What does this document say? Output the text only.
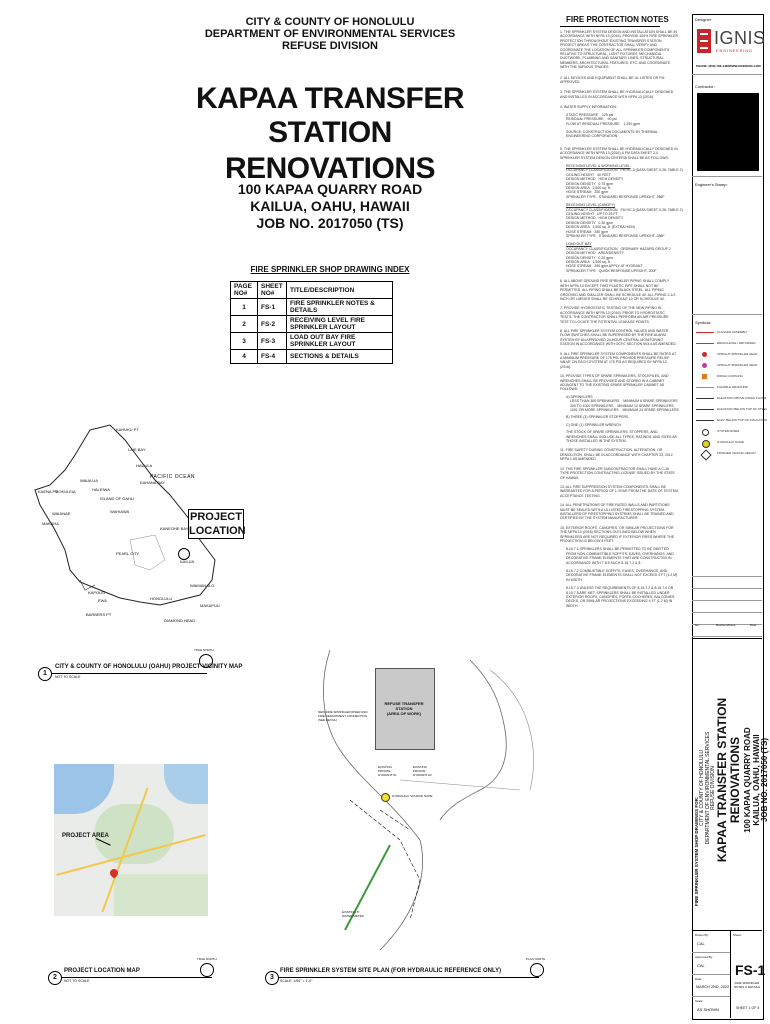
CITY & COUNTY OF HONOLULU
DEPARTMENT OF ENVIRONMENTAL SERVICES
REFUSE DIVISION
KAPAA TRANSFER STATION
RENOVATIONS
100 KAPAA QUARRY ROAD
KAILUA, OAHU, HAWAII
JOB NO. 2017050 (TS)
FIRE SPRINKLER SHOP DRAWING INDEX
PAGE NO#	SHEET NO#	TITLE/DESCRIPTION
1	FS-1	FIRE SPRINKLER NOTES & DETAILS
2	FS-2	RECEIVING LEVEL FIRE SPRINKLER LAYOUT
3	FS-3	LOAD OUT BAY FIRE SPRINKLER LAYOUT
4	FS-4	SECTIONS & DETAILS
PACIFIC OCEAN
KAHUKU PT
LAIE BAY
HAUULA
KAENA PT
MOKULEIA	HALEIWA
WAIALUA
ISLAND OF OAHU
WAHIAWA
KAHANA BAY
WAIANAE
MAKAHA
KANEOHE BAY
WAIMANALO
PEARL CITY
KAPOLEI
EWA	HONOLULU
KAILUA
BARBERS PT
DIAMOND HEAD
MAKAPUU
PROJECT
LOCATION
1
CITY & COUNTY OF HONOLULU (OAHU) PROJECT VICINITY MAP
NOT TO SCALE
TRUE NORTH
PROJECT AREA
2
PROJECT LOCATION MAP
NOT TO SCALE
TRUE NORTH
REFUSE TRANSFER STATION
(AREA OF WORK)
NEW FIRE SPRINKLER RISER AND FIRE DEPARTMENT CONNECTION (SEE DETAIL)
EXISTING PRIVATE HYDRANT #1
EXISTING PRIVATE HYDRANT #2
HYDRAULIC SOURCE NODE
EXISTING 6" WATER METER
3
FIRE SPRINKLER SYSTEM SITE PLAN (FOR HYDRAULIC REFERENCE ONLY)
SCALE: 1/64" = 1'-0"
PLAN NORTH
FIRE PROTECTION NOTES
1. THE SPRINKLER SYSTEM DESIGN AND INSTALLATION SHALL BE IN ACCORDANCE WITH NFPA 13 (2016). PROVIDE 100% FIRE SPRINKLER PROTECTION THROUGHOUT EXISTING TRANSFER STATION PROJECT AREAS. THE CONTRACTOR SHALL VERIFY AND COORDINATE THE LOCATION OF ALL SPRINKLER COMPONENTS RELATIVE TO STRUCTURAL, LIGHT FIXTURES, MECHANICAL DUCTWORK, PLUMBING AND SANITARY LINES, STRUCTURAL MEMBERS, ARCHITECTURAL FEATURES, ETC. AND COORDINATE WITH THE VARIOUS TRADES.
2. ALL DEVICES AND EQUIPMENT SHALL BE UL LISTED OR FM APPROVED.
3. THE SPRINKLER SYSTEM SHALL BE HYDRAULICALLY DESIGNED AND INSTALLED IN ACCORDANCE WITH NFPA 13 (2016).
4. WATER SUPPLY INFORMATION:
STATIC PRESSURE    125 psi
RESIDUAL PRESSURE    90 psi
FLOW AT RESIDUAL PRESSURE    1,250 gpm
SOURCE: CONSTRUCTION DOCUMENTS BY THERMAL ENGINEERING CORPORATION
5. THE SPRINKLER SYSTEM SHALL BE HYDRAULICALLY DESIGNED IN ACCORDANCE WITH NFPA 13 (2016) & FM DATA SHEET 2-0. SPRINKLER SYSTEM DESIGN CRITERIA SHALL BE AS FOLLOWS:
RECEIVING LEVEL & WORKING LEVEL
OCCUPANCY CLASSIFICATION   FM HC-3 (DATA SHEET 3-26, TABLE 2)
CEILING HEIGHT   40 FEET
DESIGN METHOD   HIGH DENSITY
DESIGN DENSITY   0.70 gpm
DESIGN AREA   2,500 sq. ft.
HOSE STREAM   250 gpm
SPRINKLER TYPE   STANDARD RESPONSE UPRIGHT, 286F
RECEIVING LEVEL (CANOPY)
OCCUPANCY CLASSIFICATION   FM HC-3 (DATA SHEET 3-26, TABLE 2)
CEILING HEIGHT   UP TO 25 FT
DESIGN METHOD   HIGH DENSITY
DESIGN DENSITY   0.30 gpm
DESIGN AREA   2,500 sq. ft. (EXTRA HIGH)
HOSE STREAM   250 gpm
SPRINKLER TYPE   STANDARD RESPONSE UPRIGHT, 286F
LOAD OUT BAY
OCCUPANCY CLASSIFICATION   ORDINARY HAZARD GROUP 2
DESIGN METHOD   AREA/DENSITY
DESIGN DENSITY   0.20 gpm
DESIGN AREA   1,500 sq. ft.
HOSE STREAM   250 gpm APPLY AT HYDRANT
SPRINKLER TYPE   QUICK RESPONSE UPRIGHT, 200F
6. ALL ABOVE GROUND FIRE SPRINKLER PIPING SHALL COMPLY WITH NFPA 13 EXCEPT THAT PLASTIC PIPE SHALL NOT BE PERMITTED. ALL PIPING SHALL BE BLACK STEEL. ALL PIPING GROOVED AND SMALLER SHALL BE SCHEDULE 40. ALL PIPING 2-1/2 INCH OR LARGER SHALL BE SCHEDULE 10 OR SCHEDULE 40.
7. PROVIDE HYDROSTATIC TESTING OF THE NEW PIPING IN ACCORDANCE WITH NFPA 13 (2016). PRIOR TO HYDROSTATIC TESTS, THE CONTRACTOR SHALL PERFORM AN AIR PRESSURE TEST TO LOCATE THE POTENTIAL LEAKAGE POINTS.
8. ALL FIRE SPRINKLER SYSTEM CONTROL VALVES AND WATER FLOW SWITCHES SHALL BE SUPERVISED BY THE FIRE ALARM SYSTEM BY AN APPROVED 24-HOUR CENTRAL MONITORING STATION IN ACCORDANCE WITH OCFC SECTION 903.4 AS AMENDED.
9. ALL FIRE SPRINKLER SYSTEM COMPONENTS SHALL BE RATED AT A MINIMUM PRESSURE OF 175 PSI. PROVIDE PRESSURE RELIEF VALVE ON EACH SYSTEM AT 175 PSI AS REQUIRED BY NFPA 13 (2016).
10. PROVIDE TYPES OF SPARE SPRINKLERS, STOCKPILES, AND WRENCHES SHALL BE PROVIDED AND STORED IN A CABINET ADJACENT TO THE EXISTING SPARE SPRINKLER CABINET AS FOLLOWS:
A) SPRINKLERS
LESS THAN 300 SPRINKLERS    MINIMUM 6 SPARE SPRINKLERS
300 TO 1000 SPRINKLERS    MINIMUM 12 SPARE SPRINKLERS
1001 OR MORE SPRINKLERS    MINIMUM 24 SPARE SPRINKLERS
B) THREE (3) SPRINKLER STOPPERS
C) ONE (1) SPRINKLER WRENCH
THE STOCK OF SPARE SPRINKLERS, STOPPERS, AND WRENCHES SHALL INCLUDE ALL TYPES, RATINGS, AND SIZES AS THOSE INSTALLED IN THE SYSTEM.
11. FIRE SAFETY DURING CONSTRUCTION, ALTERATION, OR DEMOLITION, SHALL BE IN ACCORDANCE WITH CHAPTER 33, 2012 NFPA 1 AS AMENDED.
12. THE FIRE SPRINKLER SUBCONTRACTOR SHALL HAVE A C-16 TYPE PROTECTION CONTRACTING LICENSE ISSUED BY THE STATE OF HAWAII.
13. ALL FIRE SUPPRESSION SYSTEM COMPONENTS SHALL BE WARRANTED FOR A PERIOD OF 1-YEAR FROM THE DATE OF SYSTEM ACCEPTANCE TESTING.
14. ALL PENETRATIONS OF FIRE RATED WALLS AND PARTITIONS MUST BE SEALED WITH A UL LISTED FIRESTOPPING SYSTEM. INSTALLERS OF FIRESTOPPING SYSTEMS SHALL BE TRAINED AND CERTIFIED BY THE SYSTEM MANUFACTURER.
15. EXTERIOR ROOFS, CANOPIES, OR SIMILAR PROJECTIONS FOR THE NFPA 13 (2016) SECTIONS OUTLINED BELOW WHEN SPRINKLERS ARE NOT REQUIRED IF EXTERIOR FIRES WHERE THE PROJECTION IS BELOW 4 FEET:
8.15.7.1 SPRINKLERS SHALL BE PERMITTED TO BE OMITTED FROM NON-COMBUSTIBLE SOFFITS, EAVES, OVERHANGS, AND DECORATIVE FRAME ELEMENTS THAT ARE CONSTRUCTED IN ACCORDANCE WITH 7.8.5 SUCH 8.15.7.2 & 8.
8.15.7.2 COMBUSTIBLE SOFFITS, EAVES, OVERHANGS, AND DECORATIVE FRAME ELEMENTS SHALL NOT EXCEED 4 FT (1.2 M) IN WIDTH.
8.15.7.3 UNLESS THE REQUIREMENTS OF 8.15.7.2 & 8.15.7.4 OR 8.15.7.5 ARE MET, SPRINKLERS SHALL BE INSTALLED UNDER EXTERIOR ROOFS, CANOPIES, PORTE-COCHERES, BALCONIES, DECKS, OR SIMILAR PROJECTIONS EXCEEDING 4 FT (1.2 M) IN WIDTH.
Designer:
IGNIS
ENGINEERING
PHONE: (808) 738-4486 WWW.IGNISENG.COM
Contractor:
Engineer's Stamp:
Symbols:
FLANGED ASSEMBLY
BRANCHLINE / RETURNED
UPRIGHT SPRINKLER HEAD
UPRIGHT SPRINKLER HEAD
RIDGE COUPLING
FLEXIBLE DROP/HDR
ELEVATION ABOVE FINISH FLOOR
ELEVATION BELOW TOP OF STEEL
ELEV. BELOW TOP OF INSULATION
SYSTEM RISER
HYDRAULIC NODE
FINISHED CEILING HEIGHT
No.	Revision/Issue	Date
FIRE SPRINKLER SYSTEM SHOP DRAWINGS FOR:
CITY & COUNTY OF HONOLULU DEPARTMENT OF ENVIRONMENTAL SERVICES REFUSE DIVISION KAPAA TRANSFER STATION RENOVATIONS 100 KAPAA QUARRY ROAD KAILUA, OAHU, HAWAII JOB NO. 2017050 (TS)
Drawn By:
CAL
Approved By:
CAL
Date:
MARCH 2ND, 2022
Scale:
AS SHOWN
Sheet:
FS-1
FIRE SPRINKLER NOTES & DETAILS
SHEET 1 OF 4
